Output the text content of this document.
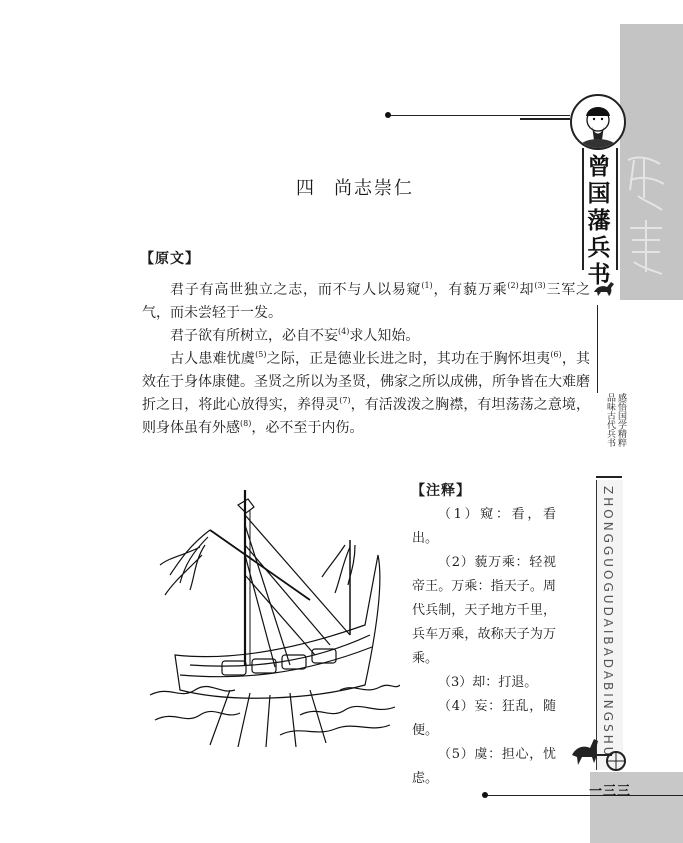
四 尚志崇仁
【原文】

君子有高世独立之志，而不与人以易窥$^{(1)}$，有藐万乘$^{(2)}$却$^{(3)}$三军之气，而未尝轻于一发。

君子欲有所树立，必自不妄$^{(4)}$求人知始。

古人患难忧虞$^{(5)}$之际，正是德业长进之时，其功在于胸怀坦夷$^{(6)}$，其效在于身体康健。圣贤之所以为圣贤，佛家之所以成佛，所争皆在大难磨折之日，将此心放得实，养得灵$^{(7)}$，有活泼泼之胸襟，有坦荡荡之意境，则身体虽有外感$^{(8)}$，必不至于内伤。

【注释】

（1）窥：看，看出。

（2）藐万乘：轻视帝王。万乘：指天子。周代兵制，天子地方千里，兵车万乘，故称天子为万乘。

（3）却：打退。

（4）妄：狂乱，随便。

（5）虞：担心，忧虑。

曾
国
藩
兵
书
感悟国学精粹
品味古代兵书
ZHONGGUOGUDAIBADABINGSHU
一三三
